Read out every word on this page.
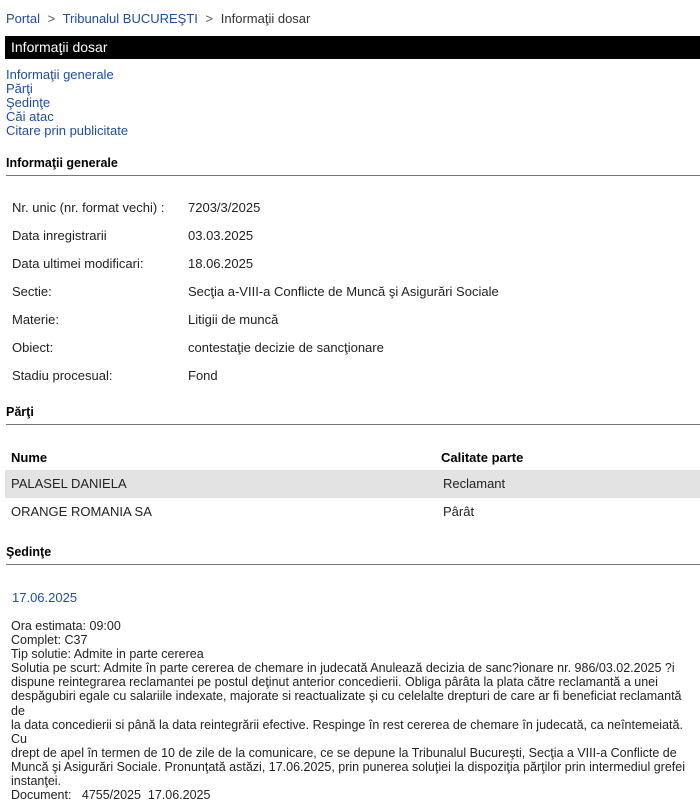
Portal > Tribunalul BUCUREŞTI > Informaţii dosar
Informaţii dosar
Informaţii generale
Părţi
Şedinţe
Căi atac
Citare prin publicitate
Informaţii generale
Nr. unic (nr. format vechi) : 7203/3/2025
Data inregistrarii	03.03.2025
Data ultimei modificari:	18.06.2025
Sectie:	Secţia a-VIII-a Conflicte de Muncă şi Asigurări Sociale
Materie:	Litigii de muncă
Obiect:	contestaţie decizie de sancţionare
Stadiu procesual:	Fond
Părţi
Nume	Calitate parte
PALASEL DANIELA	Reclamant
ORANGE ROMANIA SA	Pârât
Şedinţe
17.06.2025
Ora estimata: 09:00
Complet: C37
Tip solutie: Admite in parte cererea
Solutia pe scurt: Admite în parte cererea de chemare in judecată Anulează decizia de sanc?ionare nr. 986/03.02.2025 ?i
dispune reintegrarea reclamantei pe postul deţinut anterior concedierii. Obliga pârâta la plata către reclamantă a unei
despăgubiri egale cu salariile indexate, majorate si reactualizate şi cu celelalte drepturi de care ar fi beneficiat reclamantă de
la data concedierii si până la data reintegrării efective. Respinge în rest cererea de chemare în judecată, ca neîntemeiată. Cu
drept de apel în termen de 10 de zile de la comunicare, ce se depune la Tribunalul Bucureşti, Secţia a VIII-a Conflicte de
Muncă şi Asigurări Sociale. Pronunţată astăzi, 17.06.2025, prin punerea soluţiei la dispoziţia părţilor prin intermediul grefei
instanţei.
Document:   4755/2025  17.06.2025
